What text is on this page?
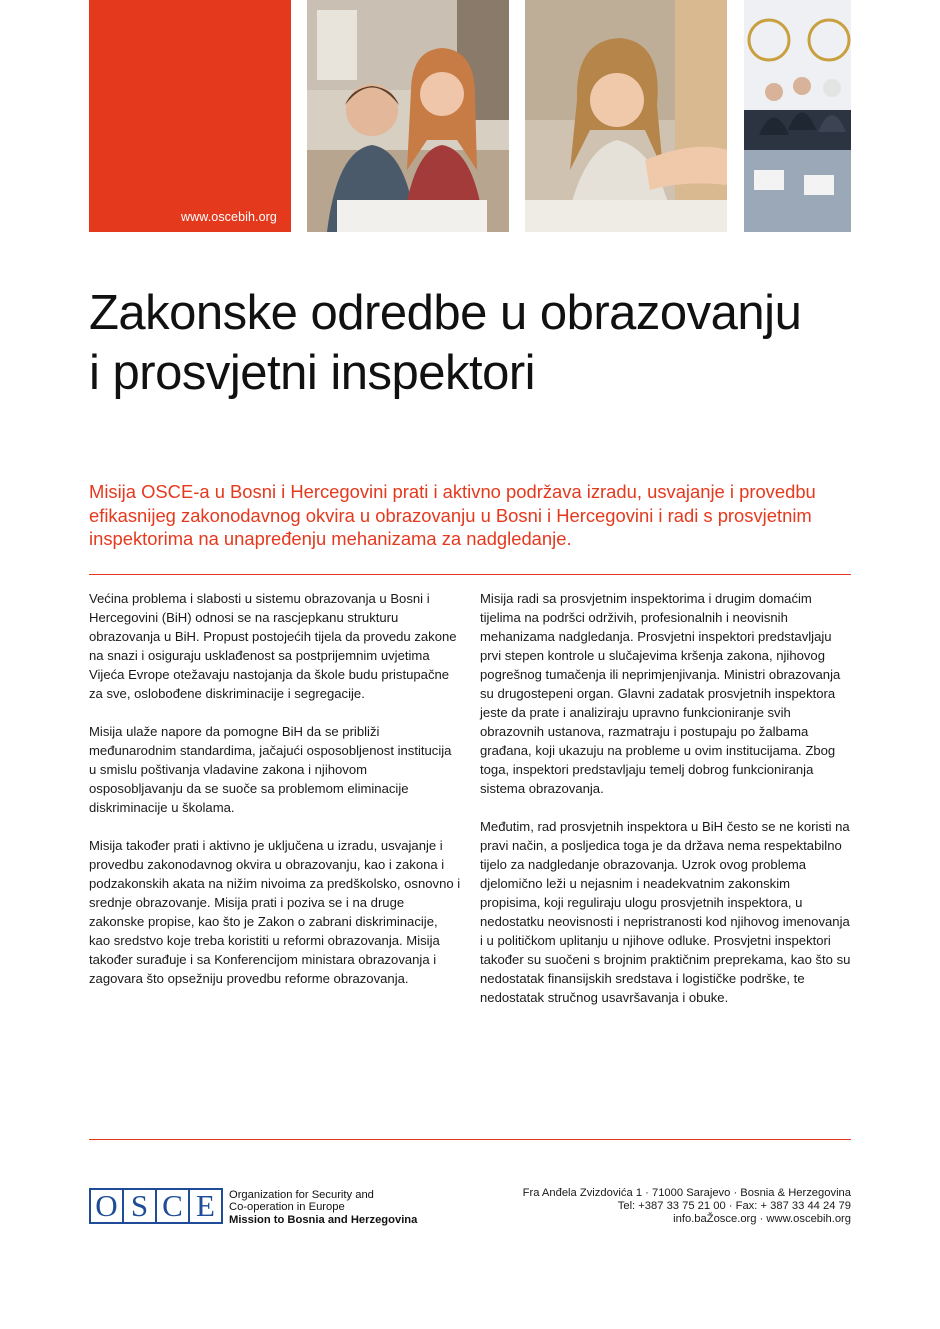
www.oscebih.org
Zakonske odredbe u obrazovanju i prosvjetni inspektori

Misija OSCE-a u Bosni i Hercegovini prati i aktivno podržava izradu, usvajanje i provedbu efikasnijeg zakonodavnog okvira u obrazovanju u Bosni i Hercegovini i radi s prosvjetnim inspektorima na unapređenju mehanizama za nadgledanje.

Većina problema i slabosti u sistemu obrazovanja u Bosni i Hercegovini (BiH) odnosi se na rascjepkanu strukturu obrazovanja u BiH. Propust postojećih tijela da provedu zakone na snazi i osiguraju usklađenost sa postprijemnim uvjetima Vijeća Evrope otežavaju nastojanja da škole budu pristupačne za sve, oslobođene diskriminacije i segregacije.

Misija ulaže napore da pomogne BiH da se približi međunarodnim standardima, jačajući osposobljenost institucija u smislu poštivanja vladavine zakona i njihovom osposobljavanju da se suoče sa problemom eliminacije diskriminacije u školama.

Misija također prati i aktivno je uključena u izradu, usvajanje i provedbu zakonodavnog okvira u obrazovanju, kao i zakona i podzakonskih akata na nižim nivoima za predškolsko, osnovno i srednje obrazovanje. Misija prati i poziva se i na druge zakonske propise, kao što je Zakon o zabrani diskriminacije, kao sredstvo koje treba koristiti u reformi obrazovanja. Misija također surađuje i sa Konferencijom ministara obrazovanja i zagovara što opsežniju provedbu reforme obrazovanja.

Misija radi sa prosvjetnim inspektorima i drugim domaćim tijelima na podršci održivih, profesionalnih i neovisnih mehanizama nadgledanja. Prosvjetni inspektori predstavljaju prvi stepen kontrole u slučajevima kršenja zakona, njihovog pogrešnog tumačenja ili neprimjenjivanja. Ministri obrazovanja su drugostepeni organ. Glavni zadatak prosvjetnih inspektora jeste da prate i analiziraju upravno funkcioniranje svih obrazovnih ustanova, razmatraju i postupaju po žalbama građana, koji ukazuju na probleme u ovim institucijama. Zbog toga, inspektori predstavljaju temelj dobrog funkcioniranja sistema obrazovanja.

Međutim, rad prosvjetnih inspektora u BiH često se ne koristi na pravi način, a posljedica toga je da država nema respektabilno tijelo za nadgledanje obrazovanja. Uzrok ovog problema djelomično leži u nejasnim i neadekvatnim zakonskim propisima, koji reguliraju ulogu prosvjetnih inspektora, u nedostatku neovisnosti i nepristranosti kod njihovog imenovanja i u političkom uplitanju u njihove odluke. Prosvjetni inspektori također su suočeni s brojnim praktičnim preprekama, kao što su nedostatak finansijskih sredstava i logističke podrške, te nedostatak stručnog usavršavanja i obuke.

O S C E	Organization for Security and
Co-operation in Europe
Mission to Bosnia and Herzegovina
Fra Anđela Zvizdovića 1 · 71000 Sarajevo · Bosnia & Herzegovina
Tel: +387 33 75 21 00 · Fax: + 387 33 44 24 79
info.baŽosce.org · www.oscebih.org
